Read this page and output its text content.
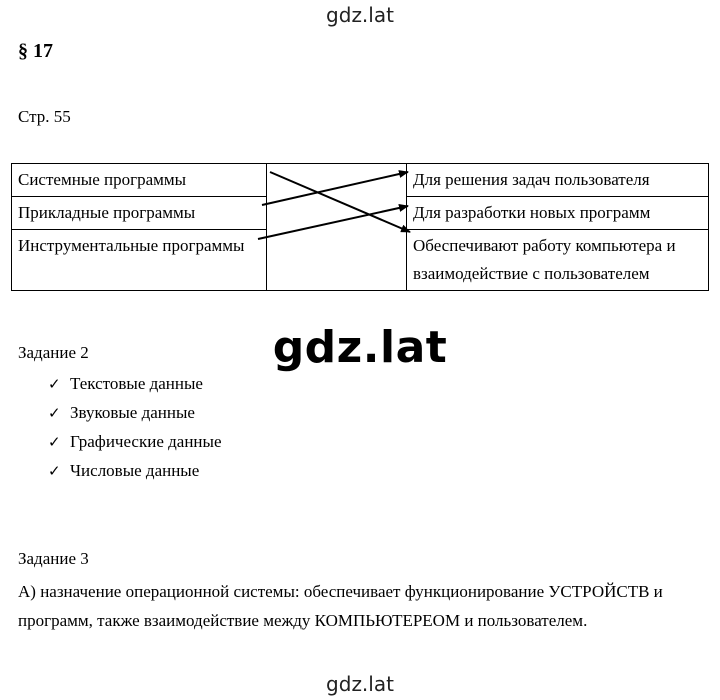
gdz.lat
§ 17
Стр. 55
Системные программы		Для решения задач пользователя
Прикладные программы		Для разработки новых программ
Инструментальные программы		Обеспечивают работу компьютера и взаимодействие с пользователем
gdz.lat
Задание 2
✓ Текстовые данные
✓ Звуковые данные
✓ Графические данные
✓ Числовые данные
Задание 3
А) назначение операционной системы: обеспечивает функционирование УСТРОЙСТВ и программ, также взаимодействие между КОМПЬЮТЕРЕОМ и пользователем.
gdz.lat
